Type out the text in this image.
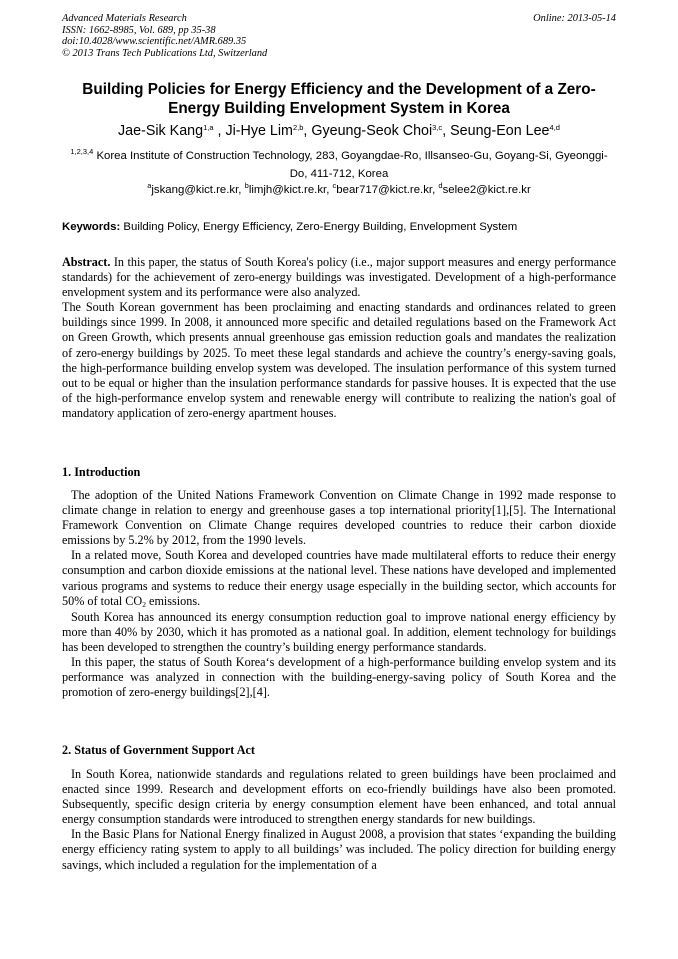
Advanced Materials Research
ISSN: 1662-8985, Vol. 689, pp 35-38
doi:10.4028/www.scientific.net/AMR.689.35
© 2013 Trans Tech Publications Ltd, Switzerland
Online: 2013-05-14
Building Policies for Energy Efficiency and the Development of a Zero-Energy Building Envelopment System in Korea
Jae-Sik Kang$^{1,a}$ , Ji-Hye Lim$^{2,b}$, Gyeung-Seok Choi$^{3,c}$, Seung-Eon Lee$^{4,d}$
$^{1,2,3,4}$ Korea Institute of Construction Technology, 283, Goyangdae-Ro, Illsanseo-Gu, Goyang-Si, Gyeonggi-Do, 411-712, Korea
$^a$jskang@kict.re.kr, $^b$limjh@kict.re.kr, $^c$bear717@kict.re.kr, $^d$selee2@kict.re.kr
Keywords: Building Policy, Energy Efficiency, Zero-Energy Building, Envelopment System

Abstract. In this paper, the status of South Korea's policy (i.e., major support measures and energy performance standards) for the achievement of zero-energy buildings was investigated. Development of a high-performance envelopment system and its performance were also analyzed.

The South Korean government has been proclaiming and enacting standards and ordinances related to green buildings since 1999. In 2008, it announced more specific and detailed regulations based on the Framework Act on Green Growth, which presents annual greenhouse gas emission reduction goals and mandates the realization of zero-energy buildings by 2025. To meet these legal standards and achieve the country’s energy-saving goals, the high-performance building envelop system was developed. The insulation performance of this system turned out to be equal or higher than the insulation performance standards for passive houses. It is expected that the use of the high-performance envelop system and renewable energy will contribute to realizing the nation's goal of mandatory application of zero-energy apartment houses.

1. Introduction

The adoption of the United Nations Framework Convention on Climate Change in 1992 made response to climate change in relation to energy and greenhouse gases a top international priority[1],[5]. The International Framework Convention on Climate Change requires developed countries to reduce their carbon dioxide emissions by 5.2% by 2012, from the 1990 levels.

In a related move, South Korea and developed countries have made multilateral efforts to reduce their energy consumption and carbon dioxide emissions at the national level. These nations have developed and implemented various programs and systems to reduce their energy usage especially in the building sector, which accounts for 50% of total $CO_2$ emissions.

South Korea has announced its energy consumption reduction goal to improve national energy efficiency by more than 40% by 2030, which it has promoted as a national goal. In addition, element technology for buildings has been developed to strengthen the country’s building energy performance standards.

In this paper, the status of South Korea‘s development of a high-performance building envelop system and its performance was analyzed in connection with the building-energy-saving policy of South Korea and the promotion of zero-energy buildings[2],[4].

2. Status of Government Support Act

In South Korea, nationwide standards and regulations related to green buildings have been proclaimed and enacted since 1999. Research and development efforts on eco-friendly buildings have also been promoted. Subsequently, specific design criteria by energy consumption element have been enhanced, and total annual energy consumption standards were introduced to strengthen energy standards for new buildings.

In the Basic Plans for National Energy finalized in August 2008, a provision that states ‘expanding the building energy efficiency rating system to apply to all buildings’ was included. The policy direction for building energy savings, which included a regulation for the implementation of a
